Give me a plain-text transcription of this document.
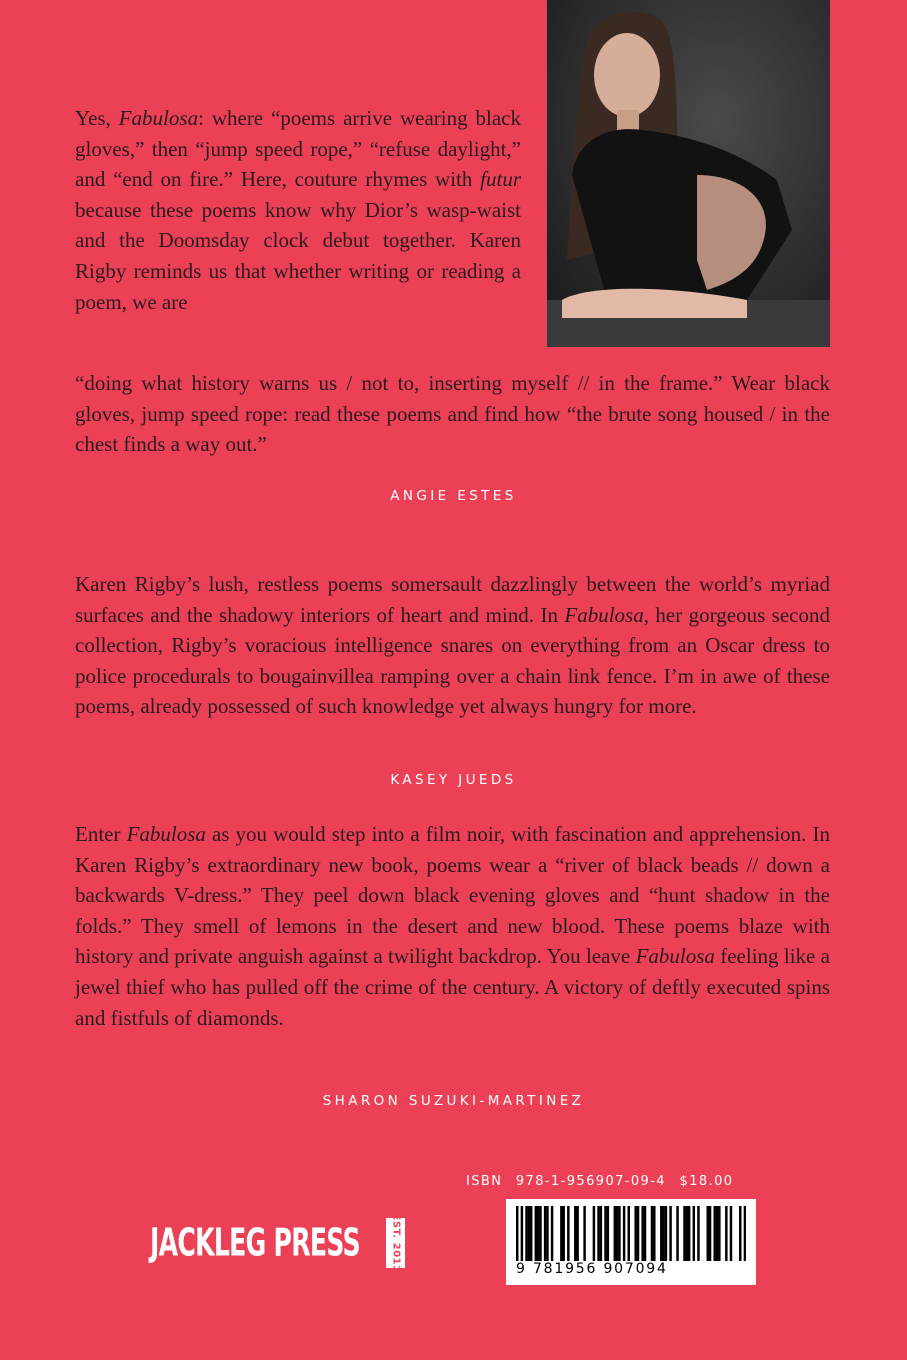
Yes, Fabulosa: where “poems arrive wearing black gloves,” then “jump speed rope,” “refuse daylight,” and “end on fire.” Here, couture rhymes with futur because these poems know why Dior’s wasp-waist and the Doomsday clock debut together. Karen Rigby reminds us that whether writing or reading a poem, we are

“doing what history warns us / not to, inserting myself // in the frame.” Wear black gloves, jump speed rope: read these poems and find how “the brute song housed / in the chest finds a way out.”

ANGIE ESTES

Karen Rigby’s lush, restless poems somersault dazzlingly between the world’s myriad surfaces and the shadowy interiors of heart and mind. In Fabulosa, her gorgeous second collection, Rigby’s voracious intelligence snares on everything from an Oscar dress to police procedurals to bougainvillea ramping over a chain link fence. I’m in awe of these poems, already possessed of such knowledge yet always hungry for more.

KASEY JUEDS

Enter Fabulosa as you would step into a film noir, with fascination and apprehension. In Karen Rigby’s extraordinary new book, poems wear a “river of black beads // down a backwards V-dress.” They peel down black evening gloves and “hunt shadow in the folds.” They smell of lemons in the desert and new blood. These poems blaze with history and private anguish against a twilight backdrop. You leave Fabulosa feeling like a jewel thief who has pulled off the crime of the century. A victory of deftly executed spins and fistfuls of diamonds.

SHARON SUZUKI-MARTINEZ
ISBN 978-1-956907-09-4 $18.00
JACKLEG PRESS	EST. 2011	9 781956 907094
